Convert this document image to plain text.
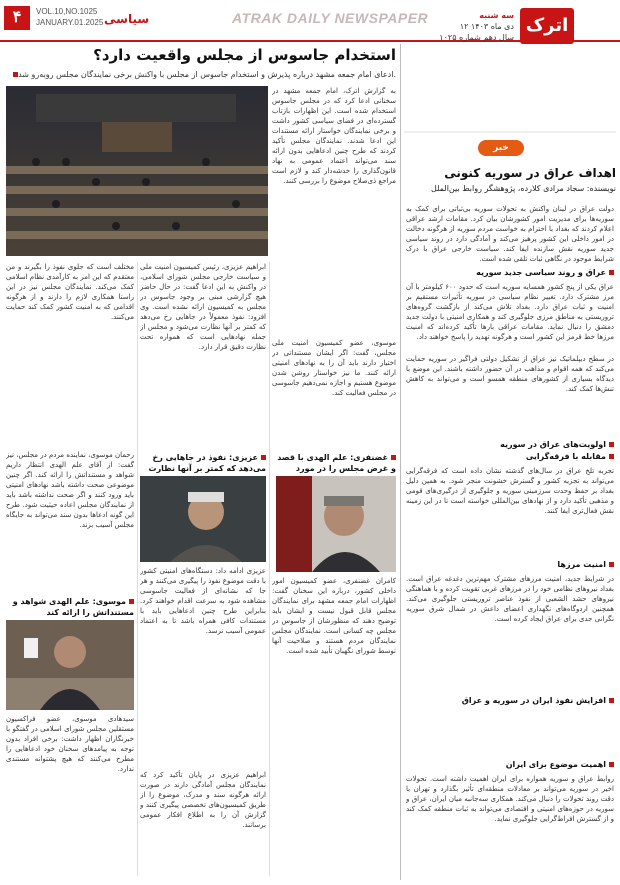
۴	VOL.10,NO.1025
JANUARY.01.2025 سیاسی	ATRAK DAILY NEWSPAPER	اترک
سه شنبه
۱۲ دی ماه ۱۴۰۳
سال دهم شماره ۱۰۲۵
خبر
اهداف عراق در سوریه کنونی
نویسنده: سجاد مرادی کلارده، پژوهشگر روابط بین‌الملل
دولت عراق در لبنان واکنش به تحولات سوریه بی‌ثباتی برای کمک به سوریه‌ها برای مدیریت امور کشورشان بیان کرد. مقامات ارشد عراقی اعلام کردند که بغداد با احترام به خواست مردم سوریه از هرگونه دخالت در امور داخلی این کشور پرهیز می‌کند و آمادگی دارد در روند سیاسی جدید سوریه نقش سازنده ایفا کند. سیاست خارجی عراق با درک شرایط موجود در نگاهی ثبات تلقی شده است.
عراق و روند سیاسی جدید سوریه
عراق یکی از پنج کشور همسایه سوریه است که حدود ۶۰۰ کیلومتر با آن مرز مشترک دارد. تغییر نظام سیاسی در سوریه تأثیرات مستقیم بر امنیت و ثبات عراق دارد. بغداد تلاش می‌کند از بازگشت گروه‌های تروریستی به مناطق مرزی جلوگیری کند و همکاری امنیتی با دولت جدید دمشق را دنبال نماید. مقامات عراقی بارها تأکید کرده‌اند که امنیت مرزها خط قرمز این کشور است و هرگونه تهدید را پاسخ خواهند داد.
در سطح دیپلماتیک نیز عراق از تشکیل دولتی فراگیر در سوریه حمایت می‌کند که همه اقوام و مذاهب در آن حضور داشته باشند. این موضع با دیدگاه بسیاری از کشورهای منطقه همسو است و می‌تواند به کاهش تنش‌ها کمک کند.
اولویت‌های عراق در سوریه
مقابله با فرقه‌گرایی
تجربه تلخ عراق در سال‌های گذشته نشان داده است که فرقه‌گرایی می‌تواند به تجزیه کشور و گسترش خشونت منجر شود. به همین دلیل بغداد بر حفظ وحدت سرزمینی سوریه و جلوگیری از درگیری‌های قومی و مذهبی تأکید دارد و از نهادهای بین‌المللی خواسته است تا در این زمینه نقش فعال‌تری ایفا کنند.
امنیت مرزها
در شرایط جدید، امنیت مرزهای مشترک مهم‌ترین دغدغه عراق است. بغداد نیروهای نظامی خود را در مرزهای غربی تقویت کرده و با هماهنگی نیروهای حشد الشعبی از نفوذ عناصر تروریستی جلوگیری می‌کند. همچنین اردوگاه‌های نگهداری اعضای داعش در شمال شرق سوریه نگرانی جدی برای عراق ایجاد کرده است.
افزایش نفوذ ایران در سوریه و عراق
اهمیت موضوع برای ایران
روابط عراق و سوریه همواره برای ایران اهمیت داشته است. تحولات اخیر در سوریه می‌تواند بر معادلات منطقه‌ای تأثیر بگذارد و تهران با دقت روند تحولات را دنبال می‌کند. همکاری سه‌جانبه میان ایران، عراق و سوریه در حوزه‌های امنیتی و اقتصادی می‌تواند به ثبات منطقه کمک کند و از گسترش افراط‌گرایی جلوگیری نماید.
استخدام جاسوس از مجلس واقعیت دارد؟
ادعای امام جمعه مشهد درباره پذیرش و استخدام جاسوس از مجلس با واکنش برخی نمایندگان مجلس روبه‌رو شد.
به گزارش اترک، امام جمعه مشهد در سخنانی ادعا کرد که در مجلس جاسوس استخدام شده است. این اظهارات بازتاب گسترده‌ای در فضای سیاسی کشور داشت و برخی نمایندگان خواستار ارائه مستندات این ادعا شدند. نمایندگان مجلس تأکید کردند که طرح چنین ادعاهایی بدون ارائه سند می‌تواند اعتماد عمومی به نهاد قانون‌گذاری را خدشه‌دار کند و لازم است مراجع ذی‌صلاح موضوع را بررسی کنند.
موسوی، عضو کمیسیون امنیت ملی مجلس، گفت: اگر ایشان مستنداتی در اختیار دارند باید آن را به نهادهای امنیتی ارائه کنند. ما نیز خواستار روشن شدن موضوع هستیم و اجازه نمی‌دهیم جاسوسی در مجلس فعالیت کند.
غضنفری: علم الهدی با قصد و غرض مجلس را در مورد
کامران غضنفری، عضو کمیسیون امور داخلی کشور، درباره این سخنان گفت: اظهارات امام جمعه مشهد برای نمایندگان مجلس قابل قبول نیست و ایشان باید توضیح دهند که منظورشان از جاسوس در مجلس چه کسانی است. نمایندگان مجلس نمایندگان مردم هستند و صلاحیت آنها توسط شورای نگهبان تأیید شده است.
ابراهیم عزیزی، رئیس کمیسیون امنیت ملی و سیاست خارجی مجلس شورای اسلامی، در واکنش به این ادعا گفت: در حال حاضر هیچ گزارشی مبنی بر وجود جاسوس در مجلس به کمیسیون ارائه نشده است. وی افزود: نفوذ معمولاً در جاهایی رخ می‌دهد که کمتر بر آنها نظارت می‌شود و مجلس از جمله نهادهایی است که همواره تحت نظارت دقیق قرار دارد.
عزیزی: نفوذ در جاهایی رخ می‌دهد که کمتر بر آنها نظارت
عزیزی ادامه داد: دستگاه‌های امنیتی کشور با دقت موضوع نفوذ را پیگیری می‌کنند و هر جا که نشانه‌ای از فعالیت جاسوسی مشاهده شود به سرعت اقدام خواهند کرد. بنابراین طرح چنین ادعاهایی باید با مستندات کافی همراه باشد تا به اعتماد عمومی آسیب نرسد.
ابراهیم عزیزی در پایان تأکید کرد که نمایندگان مجلس آمادگی دارند در صورت ارائه هرگونه سند و مدرک، موضوع را از طریق کمیسیون‌های تخصصی پیگیری کنند و گزارش آن را به اطلاع افکار عمومی برسانند.
مختلف است که جلوی نفوذ را بگیرند و من معتقدم که این امر به کارآمدی نظام اسلامی کمک می‌کند. نمایندگان مجلس نیز در این راستا همکاری لازم را دارند و از هرگونه اقدامی که به امنیت کشور کمک کند حمایت می‌کنند.
رحمان موسوی، نماینده مردم در مجلس، نیز گفت: از آقای علم الهدی انتظار داریم شواهد و مستنداتش را ارائه کند. اگر چنین موضوعی صحت داشته باشد نهادهای امنیتی باید ورود کنند و اگر صحت نداشته باشد باید از نمایندگان مجلس اعاده حیثیت شود. طرح این گونه ادعاها بدون سند می‌تواند به جایگاه مجلس آسیب بزند.
موسوی: علم الهدی شواهد و مستنداتش را ارائه کند
سیدهادی موسوی، عضو فراکسیون مستقلین مجلس شورای اسلامی در گفتگو با خبرنگاران اظهار داشت: برخی افراد بدون توجه به پیامدهای سخنان خود ادعاهایی را مطرح می‌کنند که هیچ پشتوانه مستندی ندارد.
